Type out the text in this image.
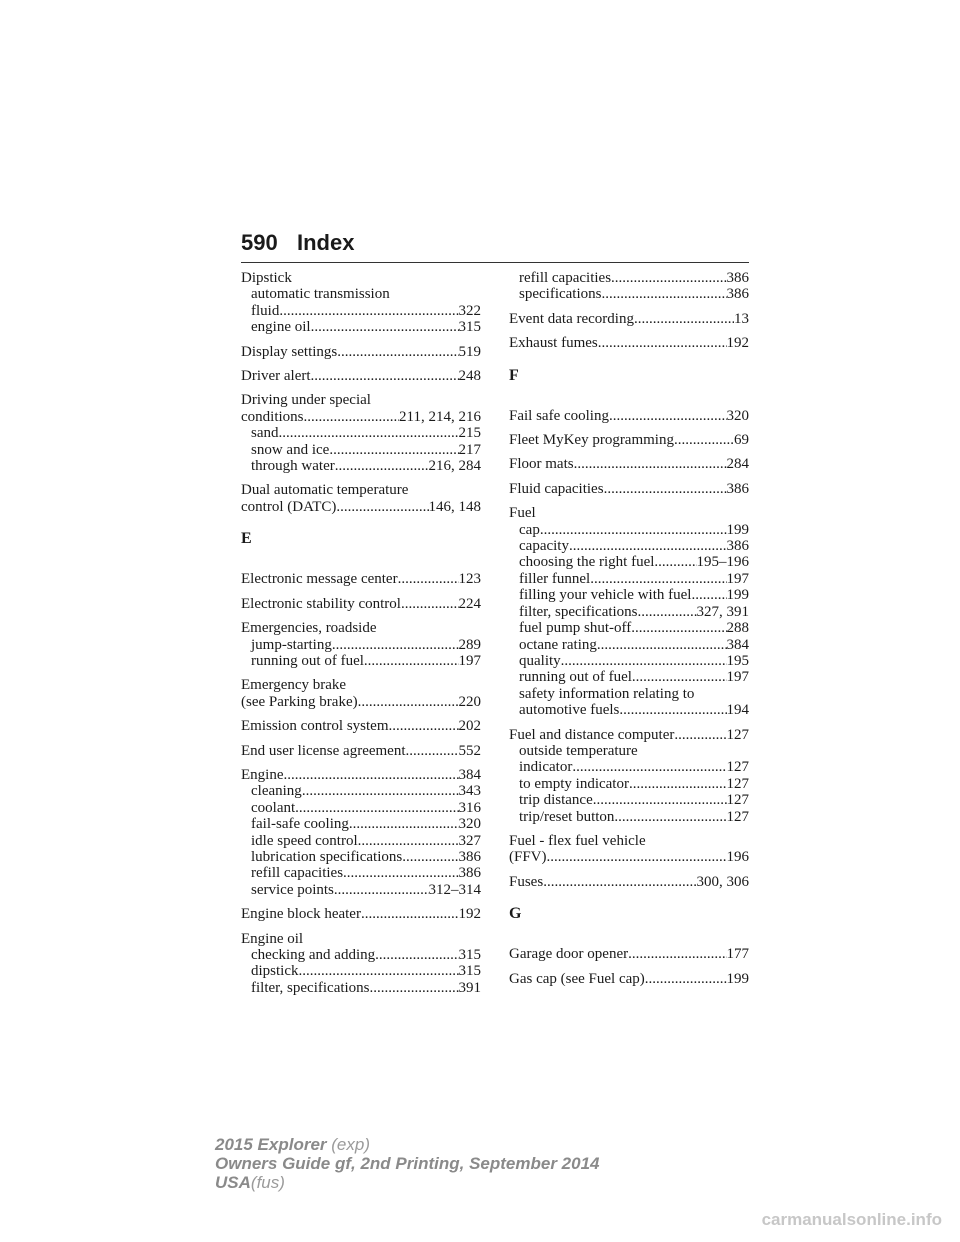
590 Index
Dipstick
automatic transmission
fluid .....	322
engine oil .....	315
Display settings .....	519
Driver alert .....	248
Driving under special
conditions .....	211, 214, 216
sand .....	215
snow and ice .....	217
through water .....	216, 284
Dual automatic temperature
control (DATC) .....	146, 148
E
Electronic message center .....	123
Electronic stability control .....	224
Emergencies, roadside
jump-starting .....	289
running out of fuel .....	197
Emergency brake
(see Parking brake) .....	220
Emission control system .....	202
End user license agreement .....	552
Engine .....	384
cleaning .....	343
coolant .....	316
fail-safe cooling .....	320
idle speed control .....	327
lubrication specifications .....	386
refill capacities .....	386
service points .....	312–314
Engine block heater .....	192
Engine oil
checking and adding .....	315
dipstick .....	315
filter, specifications .....	391
refill capacities .....	386
specifications .....	386
Event data recording .....	13
Exhaust fumes .....	192
F
Fail safe cooling .....	320
Fleet MyKey programming .....	69
Floor mats .....	284
Fluid capacities .....	386
Fuel
cap .....	199
capacity .....	386
choosing the right fuel .....	195–196
filler funnel .....	197
filling your vehicle with fuel ..... 199
filter, specifications .....	327, 391
fuel pump shut-off .....	288
octane rating .....	384
quality .....	195
running out of fuel .....	197
safety information relating to
automotive fuels .....	194
Fuel and distance computer .....	127
outside temperature
indicator .....	127
to empty indicator .....	127
trip distance .....	127
trip/reset button .....	127
Fuel - flex fuel vehicle
(FFV) .....	196
Fuses .....	300, 306
G
Garage door opener .....	177
Gas cap (see Fuel cap) .....	199
2015 Explorer (exp)
Owners Guide gf, 2nd Printing, September 2014
USA(fus)
carmanualsonline.info
